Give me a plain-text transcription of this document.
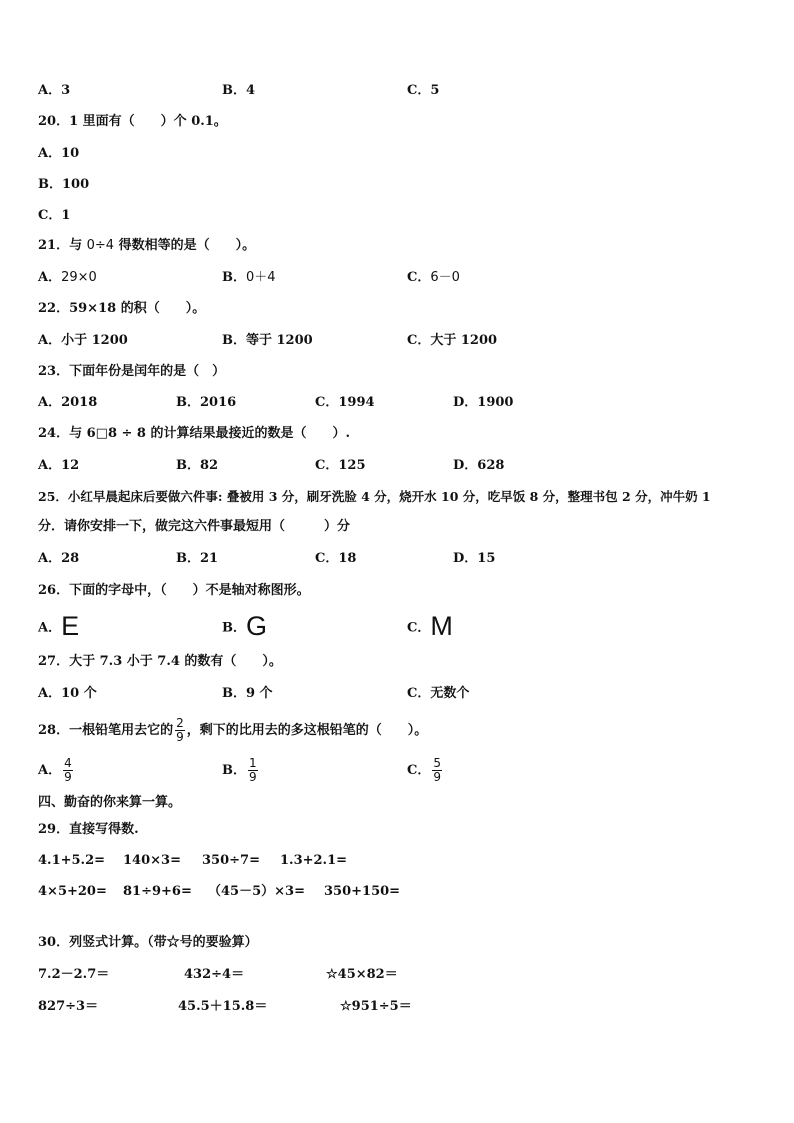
A．3	B．4	C．5
20．1 里面有（　　）个 0.1。
A．10
B．100
C．1
21．与 0÷4 得数相等的是（　　）。
A．29×0	B．0＋4	C．6－0
22．59×18 的积（　　）。
A．小于 1200	B．等于 1200	C．大于 1200
23．下面年份是闰年的是（　）
A．2018	B．2016	C．1994	D．1900
24．与 6□8 ÷ 8 的计算结果最接近的数是（　　）.
A．12	B．82	C．125	D．628
25．小红早晨起床后要做六件事: 叠被用 3 分，刷牙洗脸 4 分，烧开水 10 分，吃早饭 8 分，整理书包 2 分，冲牛奶 1
分．请你安排一下，做完这六件事最短用（　　　）分
A．28	B．21	C．18	D．15
26．下面的字母中，（　　）不是轴对称图形。
A．E	B．G	C．M
27．大于 7.3 小于 7.4 的数有（　　）。
A．10 个	B．9 个	C．无数个
28．一根铅笔用去它的 $\frac{2}{9}$ ，剩下的比用去的多这根铅笔的（　　）。
A． $\frac{4}{9}$	B． $\frac{1}{9}$	C． $\frac{5}{9}$
四、勤奋的你来算一算。
29．直接写得数.
4.1+5.2= 140×3= 350÷7= 1.3+2.1=
4×5+20= 81÷9+6= （45－5）×3= 350+150=
30．列竖式计算。（带☆号的要验算）
7.2－2.7＝	432÷4＝	☆45×82＝
827÷3＝	45.5＋15.8＝	☆951÷5＝
